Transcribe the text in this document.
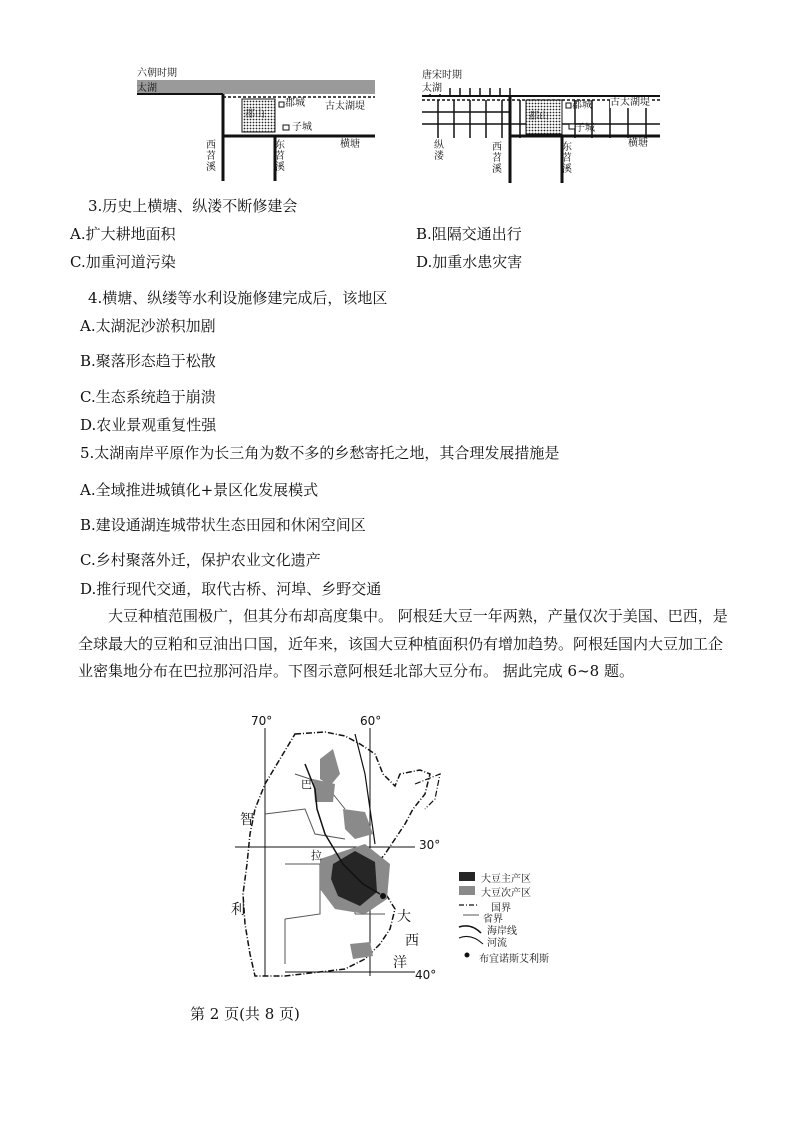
六朝时期
太湖
郡城 古太湖堤
郡山
子城
西苕溪
东苕溪
横塘
唐宋时期
太湖
郡城 古太湖堤
郡山
子城
纵溇
西苕溪
东苕溪
横塘
3.历史上横塘、纵溇不断修建会
A.扩大耕地面积	B.阻隔交通出行
C.加重河道污染	D.加重水患灾害
4.横塘、纵缕等水利设施修建完成后，该地区
A.太湖泥沙淤积加剧
B.聚落形态趋于松散
C.生态系统趋于崩溃
D.农业景观重复性强
5.太湖南岸平原作为长三角为数不多的乡愁寄托之地，其合理发展措施是
A.全域推进城镇化+景区化发展模式
B.建设通湖连城带状生态田园和休闲空间区
C.乡村聚落外迁，保护农业文化遗产
D.推行现代交通，取代古桥、河埠、乡野交通
大豆种植范围极广，但其分布却高度集中。 阿根廷大豆一年两熟，产量仅次于美国、巴西，是全球最大的豆粕和豆油出口国，近年来，该国大豆种植面积仍有增加趋势。阿根廷国内大豆加工企业密集地分布在巴拉那河沿岸。下图示意阿根廷北部大豆分布。 据此完成 6~8 题。
70°	60°
30°
40°
智
利
巴
拉
大
西
洋
大豆主产区
大豆次产区
国界
省界
海岸线
河流
布宜诺斯艾利斯
第 2 页(共 8 页)
